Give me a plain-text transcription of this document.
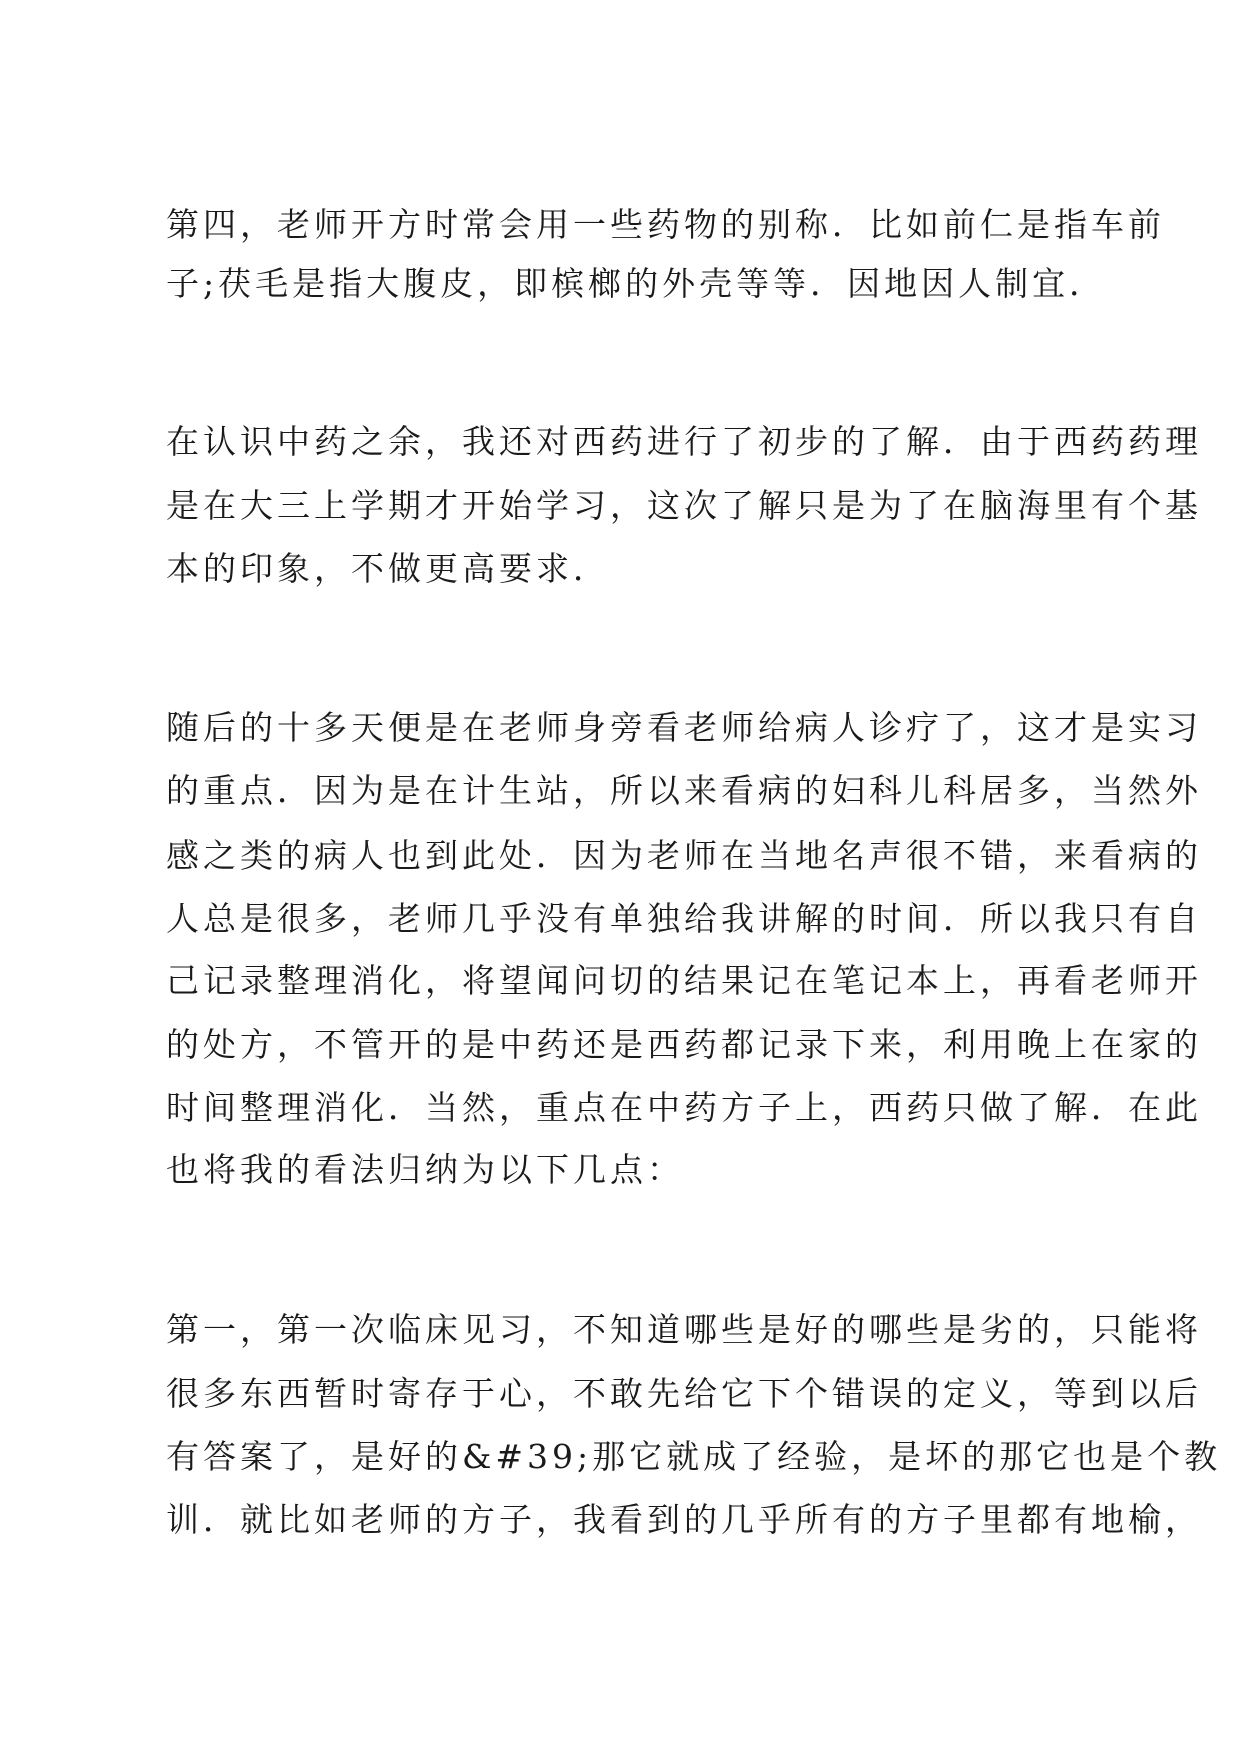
第四，老师开方时常会用一些药物的别称．比如前仁是指车前

子;茯毛是指大腹皮，即槟榔的外壳等等．因地因人制宜．

在认识中药之余，我还对西药进行了初步的了解．由于西药药理

是在大三上学期才开始学习，这次了解只是为了在脑海里有个基

本的印象，不做更高要求．

随后的十多天便是在老师身旁看老师给病人诊疗了，这才是实习

的重点．因为是在计生站，所以来看病的妇科儿科居多，当然外

感之类的病人也到此处．因为老师在当地名声很不错，来看病的

人总是很多，老师几乎没有单独给我讲解的时间．所以我只有自

己记录整理消化，将望闻问切的结果记在笔记本上，再看老师开

的处方，不管开的是中药还是西药都记录下来，利用晚上在家的

时间整理消化．当然，重点在中药方子上，西药只做了解．在此

也将我的看法归纳为以下几点：

第一，第一次临床见习，不知道哪些是好的哪些是劣的，只能将

很多东西暂时寄存于心，不敢先给它下个错误的定义，等到以后

有答案了，是好的&#39;那它就成了经验，是坏的那它也是个教

训．就比如老师的方子，我看到的几乎所有的方子里都有地榆，
